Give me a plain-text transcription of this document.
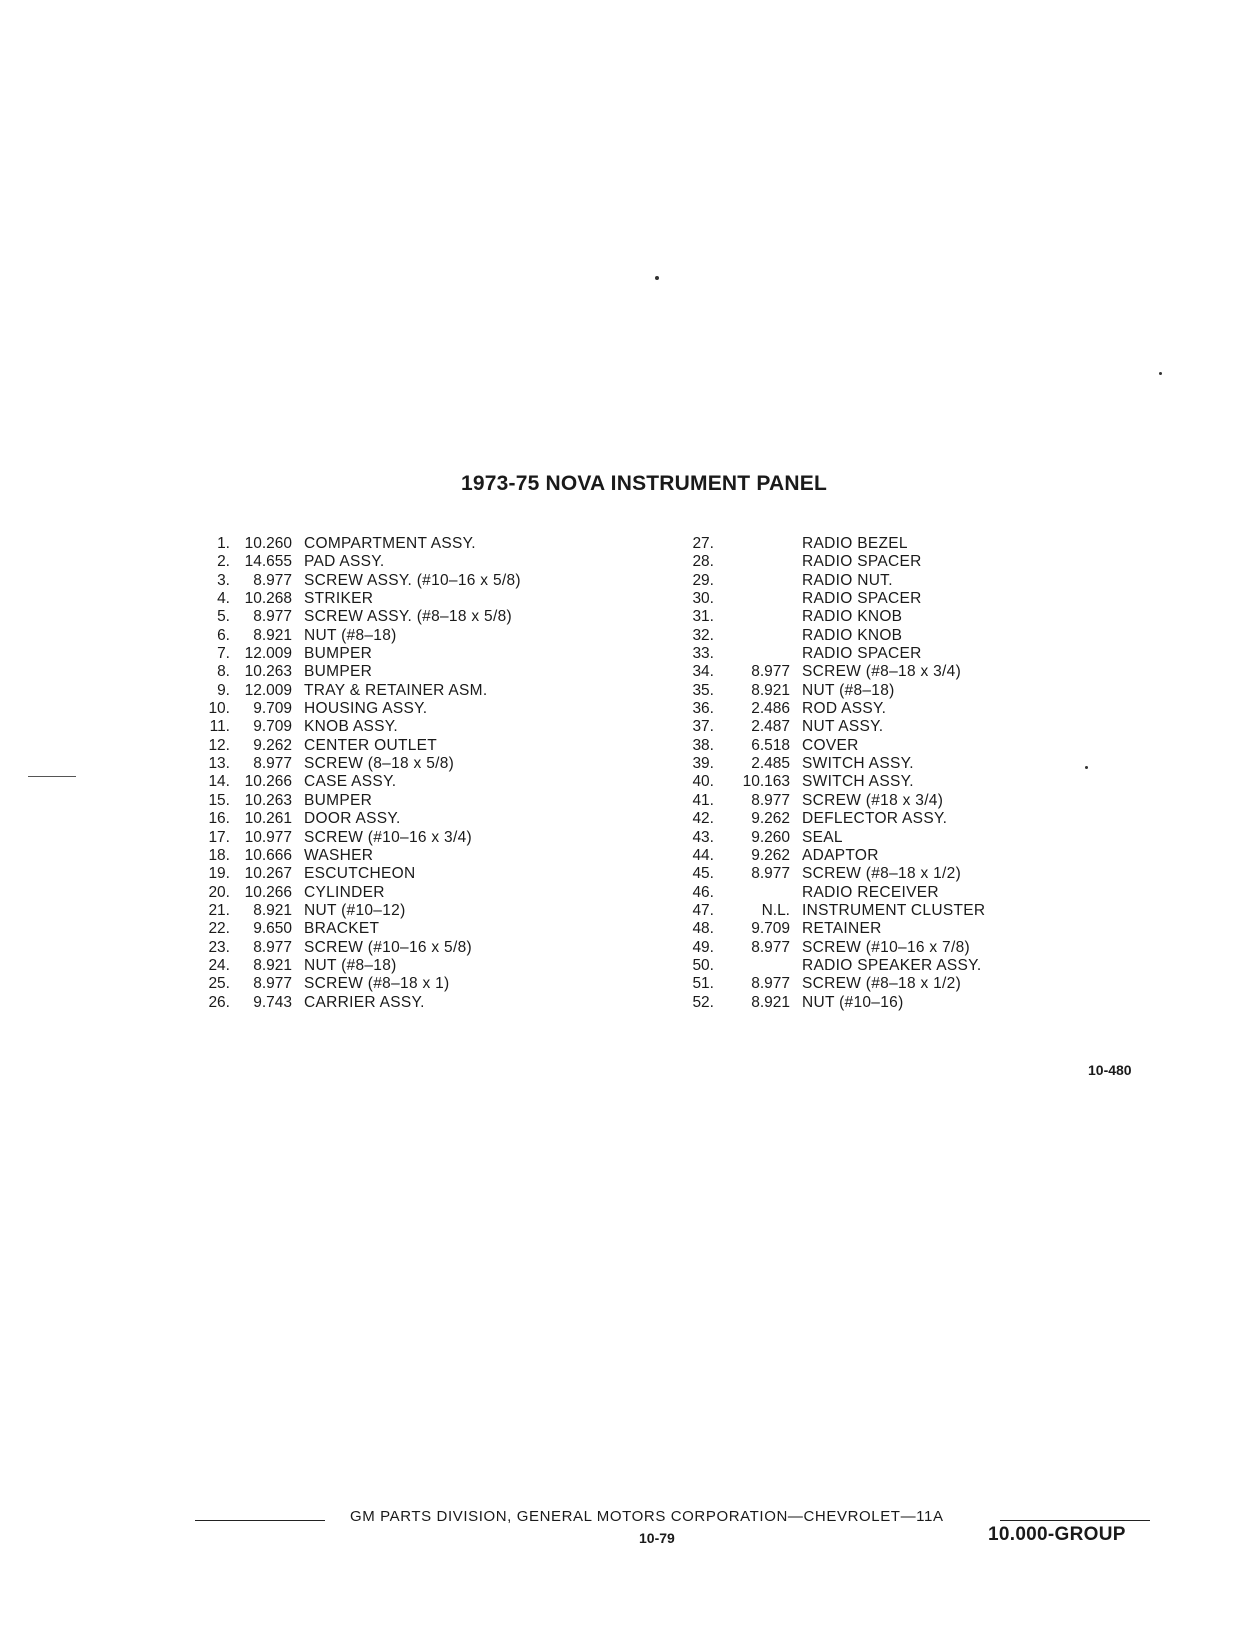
1973-75 NOVA INSTRUMENT PANEL
1. 10.260 COMPARTMENT ASSY.
2. 14.655 PAD ASSY.
3.	8.977 SCREW ASSY. (#10–16 x 5/8)
4. 10.268 STRIKER
5.	8.977 SCREW ASSY. (#8–18 x 5/8)
6.	8.921 NUT (#8–18)
7. 12.009 BUMPER
8. 10.263 BUMPER
9. 12.009 TRAY & RETAINER ASM.
10.	9.709 HOUSING ASSY.
11.	9.709 KNOB ASSY.
12.	9.262 CENTER OUTLET
13.	8.977 SCREW (8–18 x 5/8)
14. 10.266 CASE ASSY.
15. 10.263 BUMPER
16. 10.261 DOOR ASSY.
17. 10.977 SCREW (#10–16 x 3/4)
18. 10.666 WASHER
19. 10.267 ESCUTCHEON
20. 10.266 CYLINDER
21.	8.921 NUT (#10–12)
22.	9.650 BRACKET
23.	8.977 SCREW (#10–16 x 5/8)
24.	8.921 NUT (#8–18)
25.	8.977 SCREW (#8–18 x 1)
26.	9.743 CARRIER ASSY.
27.	RADIO BEZEL
28.	RADIO SPACER
29.	RADIO NUT.
30.	RADIO SPACER
31.	RADIO KNOB
32.	RADIO KNOB
33.	RADIO SPACER
34.	8.977 SCREW (#8–18 x 3/4)
35.	8.921 NUT (#8–18)
36.	2.486 ROD ASSY.
37.	2.487 NUT ASSY.
38.	6.518 COVER
39.	2.485 SWITCH ASSY.
40.	10.163 SWITCH ASSY.
41.	8.977 SCREW (#18 x 3/4)
42.	9.262 DEFLECTOR ASSY.
43.	9.260 SEAL
44.	9.262 ADAPTOR
45.	8.977 SCREW (#8–18 x 1/2)
46.	RADIO RECEIVER
47.	N.L. INSTRUMENT CLUSTER
48.	9.709 RETAINER
49.	8.977 SCREW (#10–16 x 7/8)
50.	RADIO SPEAKER ASSY.
51.	8.977 SCREW (#8–18 x 1/2)
52.	8.921 NUT (#10–16)
10-480
GM PARTS DIVISION, GENERAL MOTORS CORPORATION—CHEVROLET—11A
10-79	10.000-GROUP
